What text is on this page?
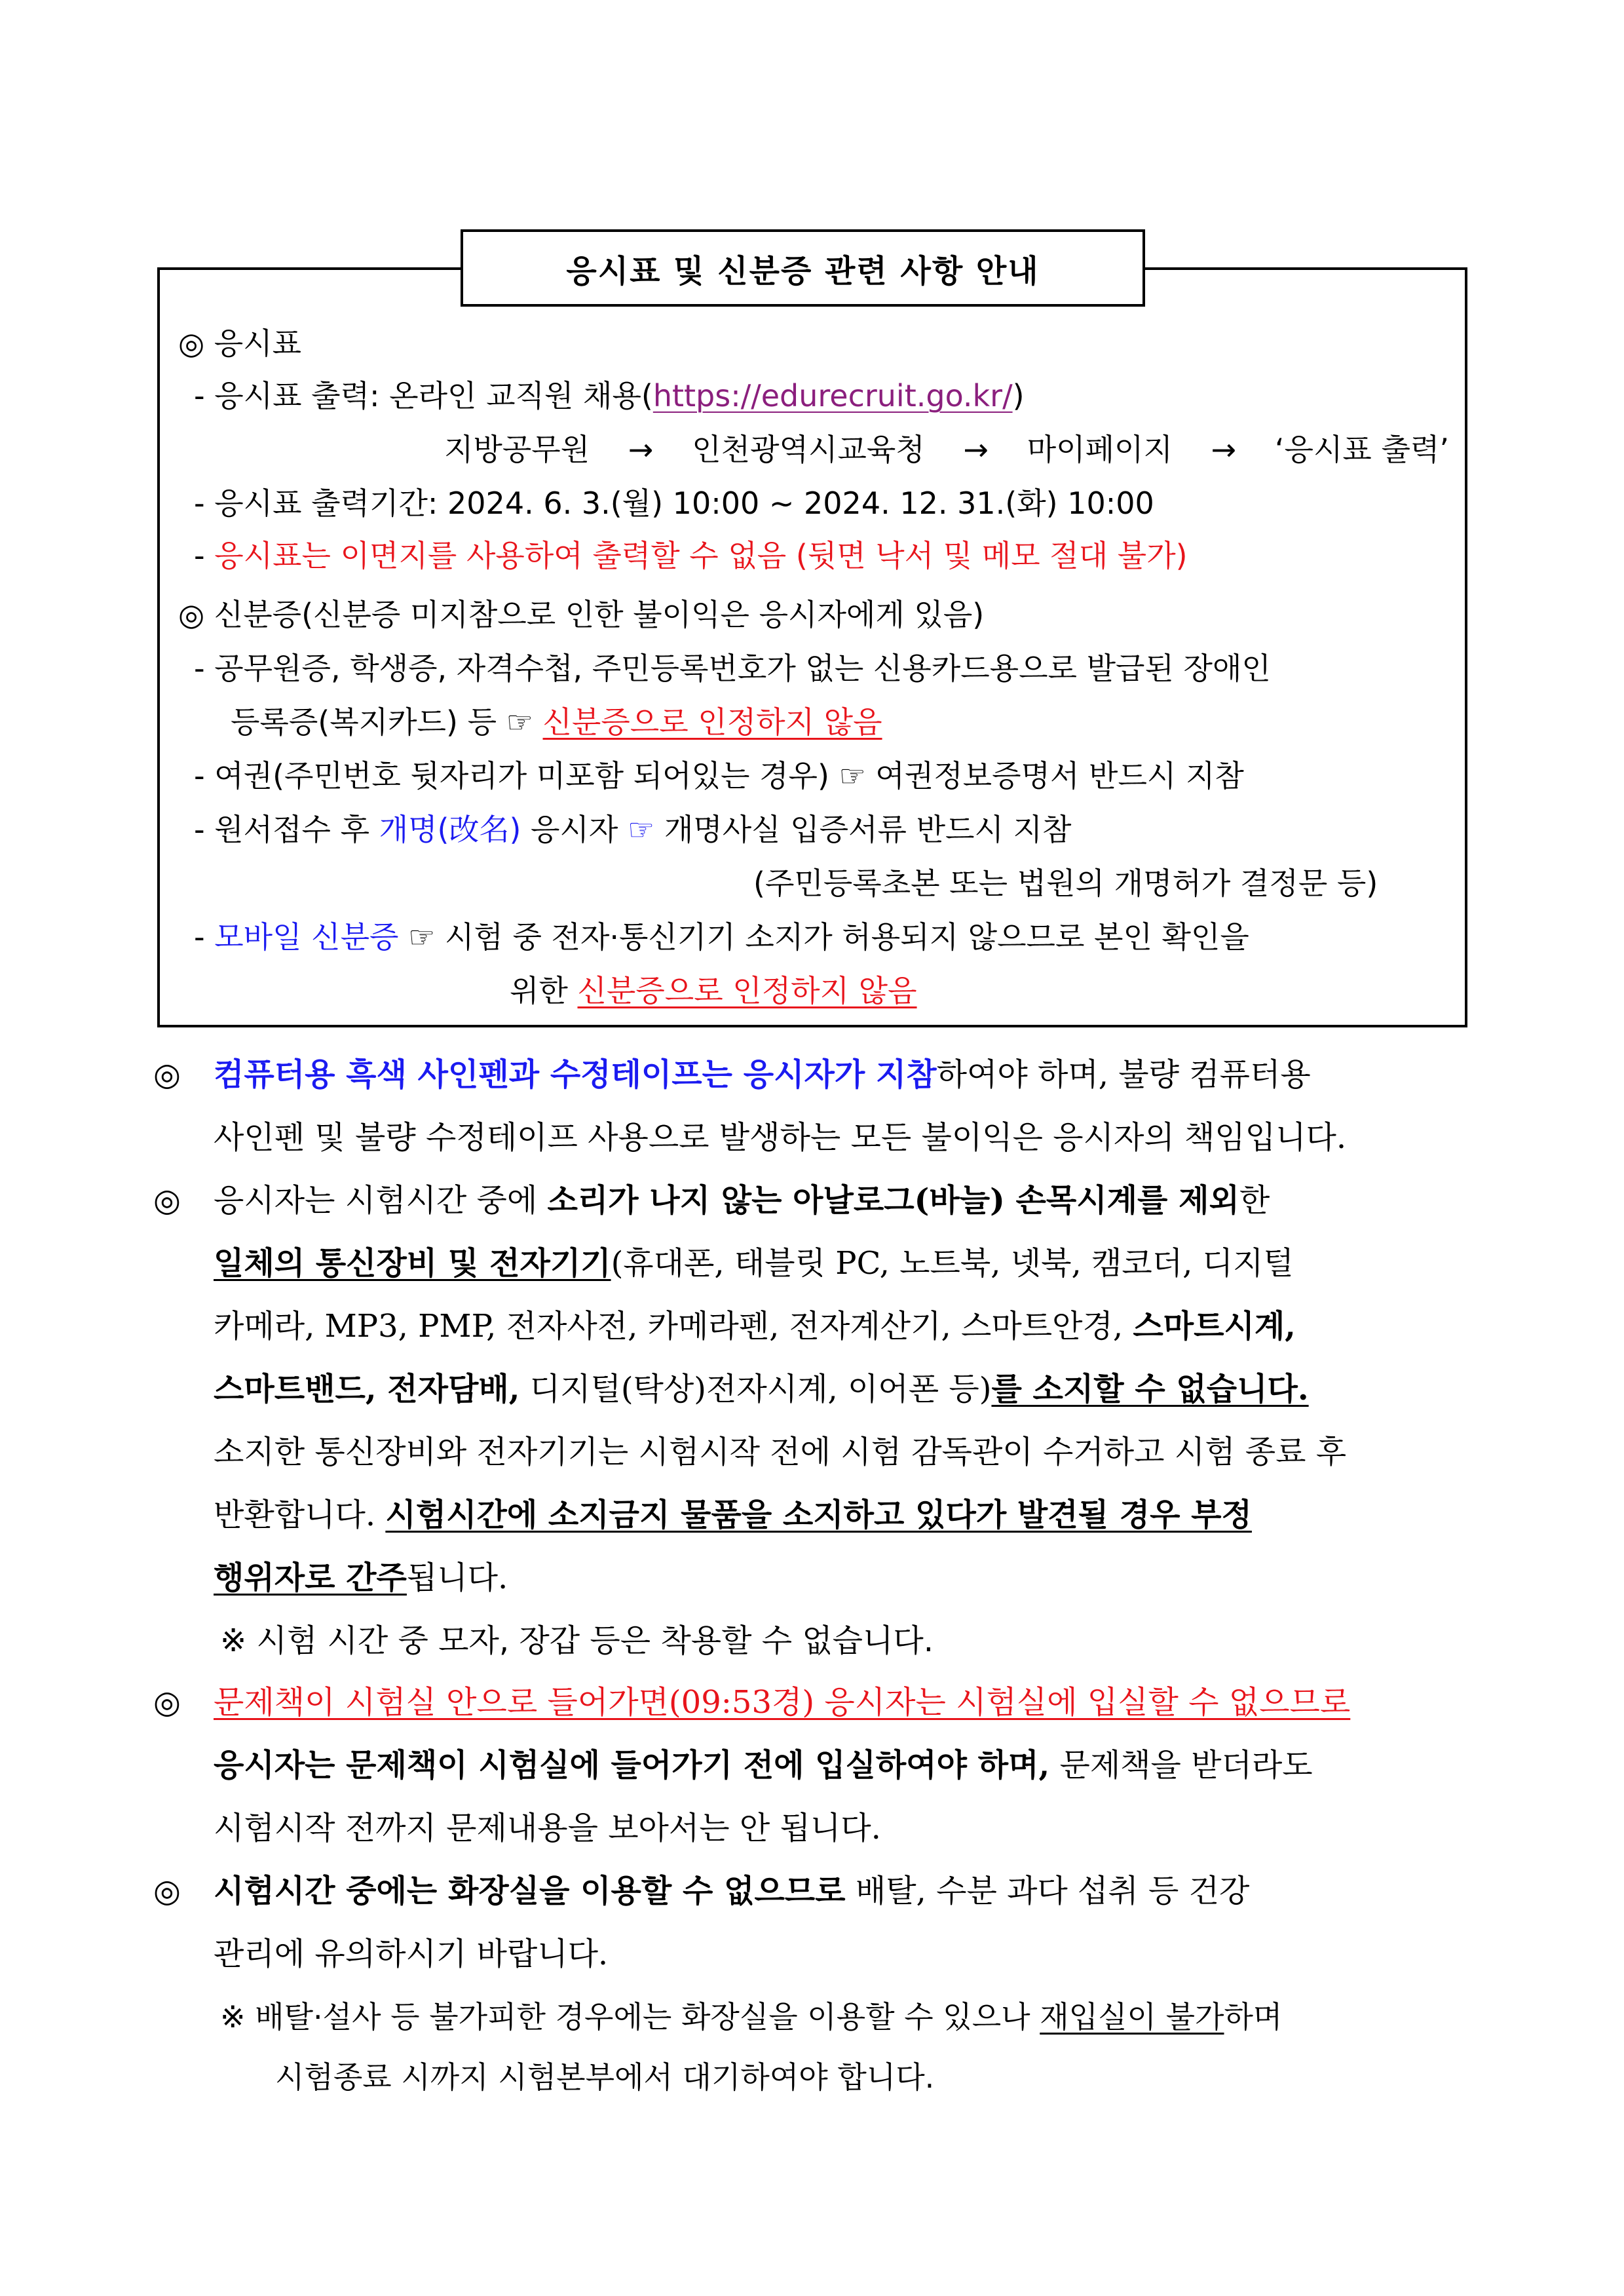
응시표 및 신분증 관련 사항 안내

◎ 응시표

- 응시표 출력: 온라인 교직원 채용(https://edurecruit.go.kr/)

지방공무원 → 인천광역시교육청 → 마이페이지 → ‘응시표 출력’

- 응시표 출력기간: 2024. 6. 3.(월) 10:00 ~ 2024. 12. 31.(화) 10:00

- 응시표는 이면지를 사용하여 출력할 수 없음 (뒷면 낙서 및 메모 절대 불가)

◎ 신분증(신분증 미지참으로 인한 불이익은 응시자에게 있음)

- 공무원증, 학생증, 자격수첩, 주민등록번호가 없는 신용카드용으로 발급된 장애인

등록증(복지카드) 등 ☞ 신분증으로 인정하지 않음

- 여권(주민번호 뒷자리가 미포함 되어있는 경우) ☞ 여권정보증명서 반드시 지참

- 원서접수 후 개명(改名) 응시자 ☞ 개명사실 입증서류 반드시 지참

(주민등록초본 또는 법원의 개명허가 결정문 등)

- 모바일 신분증 ☞ 시험 중 전자·통신기기 소지가 허용되지 않으므로 본인 확인을

위한 신분증으로 인정하지 않음

◎ 컴퓨터용 흑색 사인펜과 수정테이프는 응시자가 지참하여야 하며, 불량 컴퓨터용

사인펜 및 불량 수정테이프 사용으로 발생하는 모든 불이익은 응시자의 책임입니다.

◎ 응시자는 시험시간 중에 소리가 나지 않는 아날로그(바늘) 손목시계를 제외한

일체의 통신장비 및 전자기기(휴대폰, 태블릿 PC, 노트북, 넷북, 캠코더, 디지털

카메라, MP3, PMP, 전자사전, 카메라펜, 전자계산기, 스마트안경, 스마트시계,

스마트밴드, 전자담배, 디지털(탁상)전자시계, 이어폰 등)를 소지할 수 없습니다.

소지한 통신장비와 전자기기는 시험시작 전에 시험 감독관이 수거하고 시험 종료 후

반환합니다. 시험시간에 소지금지 물품을 소지하고 있다가 발견될 경우 부정

행위자로 간주됩니다.

※ 시험 시간 중 모자, 장갑 등은 착용할 수 없습니다.

◎ 문제책이 시험실 안으로 들어가면(09:53경) 응시자는 시험실에 입실할 수 없으므로

응시자는 문제책이 시험실에 들어가기 전에 입실하여야 하며, 문제책을 받더라도

시험시작 전까지 문제내용을 보아서는 안 됩니다.

◎ 시험시간 중에는 화장실을 이용할 수 없으므로 배탈, 수분 과다 섭취 등 건강

관리에 유의하시기 바랍니다.

※ 배탈·설사 등 불가피한 경우에는 화장실을 이용할 수 있으나 재입실이 불가하며

시험종료 시까지 시험본부에서 대기하여야 합니다.
